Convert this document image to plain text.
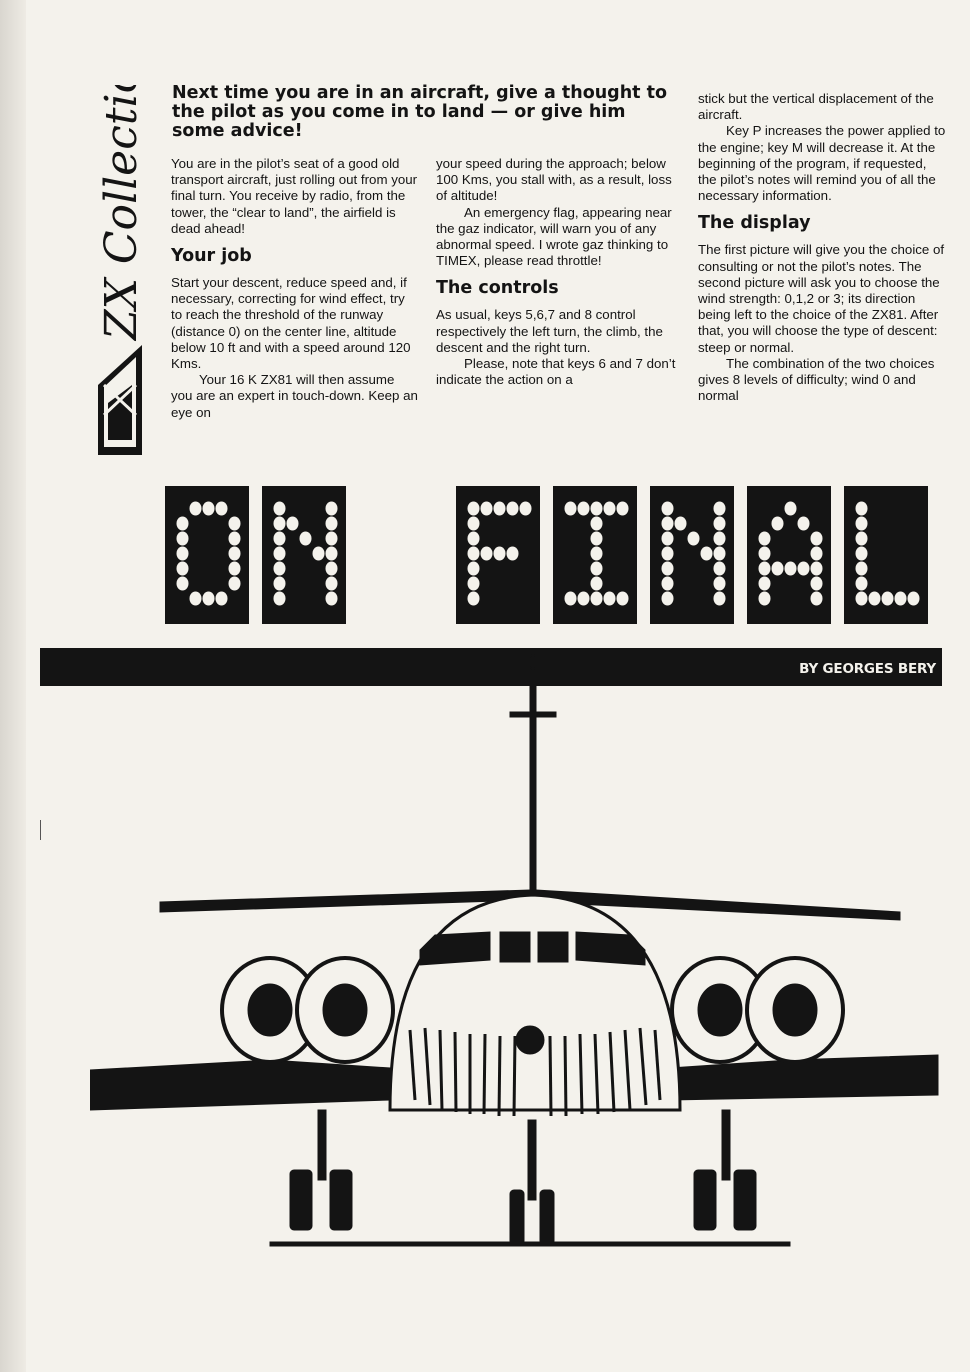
ZX Collection Next time you are in an aircraft, give a thought to the pilot as you come in to land — or give him some advice!

You are in the pilot’s seat of a good old transport aircraft, just rolling out from your final turn. You receive by radio, from the tower, the “clear to land”, the airfield is dead ahead!

Your job

Start your descent, reduce speed and, if necessary, correcting for wind effect, try to reach the threshold of the runway (distance 0) on the center line, altitude below 10 ft and with a speed around 120 Kms.

Your 16 K ZX81 will then assume you are an expert in touch-down. Keep an eye on

your speed during the approach; below 100 Kms, you stall with, as a result, loss of altitude!

An emergency flag, appearing near the gaz indicator, will warn you of any abnormal speed. I wrote gaz thinking to TIMEX, please read throttle!

The controls

As usual, keys 5,6,7 and 8 control respectively the left turn, the climb, the descent and the right turn.

Please, note that keys 6 and 7 don’t indicate the action on a

stick but the vertical displacement of the aircraft.

Key P increases the power applied to the engine; key M will decrease it. At the beginning of the program, if requested, the pilot’s notes will remind you of all the necessary information.

The display

The first picture will give you the choice of consulting or not the pilot’s notes. The second picture will ask you to choose the wind strength: 0,1,2 or 3; its direction being left to the choice of the ZX81. After that, you will choose the type of descent: steep or normal.

The combination of the two choices gives 8 levels of difficulty; wind 0 and normal

BY GEORGES BERY
